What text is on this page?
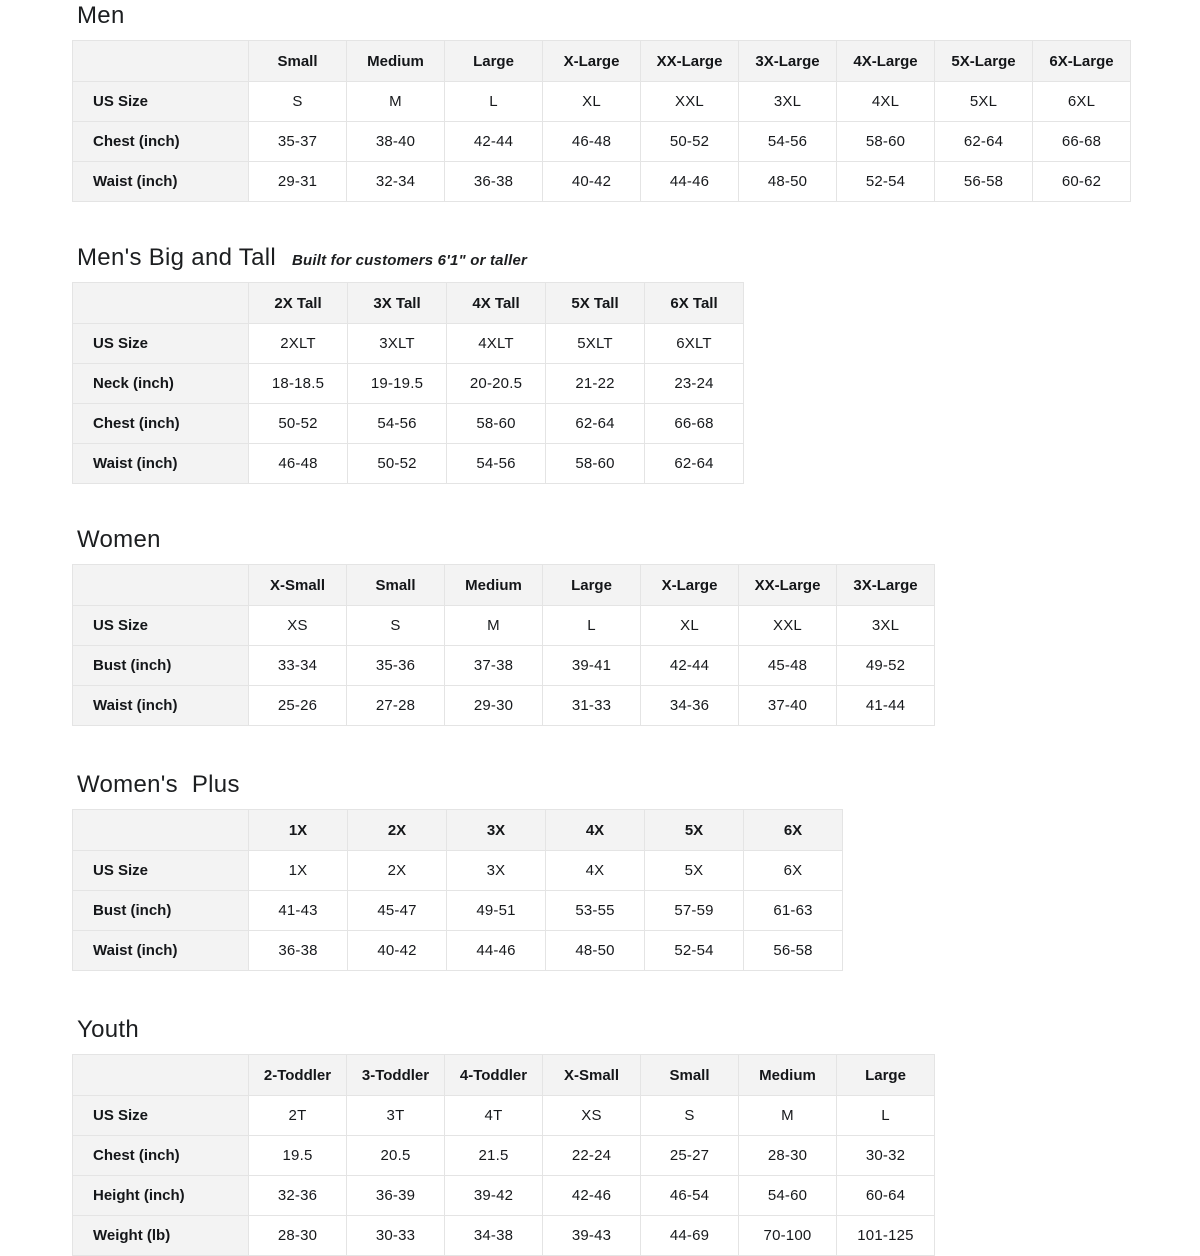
Men
	Small	Medium	Large	X-Large	XX-Large	3X-Large	4X-Large	5X-Large	6X-Large
US Size	S	M	L	XL	XXL	3XL	4XL	5XL	6XL
Chest (inch)	35-37	38-40	42-44	46-48	50-52	54-56	58-60	62-64	66-68
Waist (inch)	29-31	32-34	36-38	40-42	44-46	48-50	52-54	56-58	60-62
Men's Big and Tall Built for customers 6'1" or taller
	2X Tall	3X Tall	4X Tall	5X Tall	6X Tall
US Size	2XLT	3XLT	4XLT	5XLT	6XLT
Neck (inch)	18-18.5	19-19.5	20-20.5	21-22	23-24
Chest (inch)	50-52	54-56	58-60	62-64	66-68
Waist (inch)	46-48	50-52	54-56	58-60	62-64
Women
	X-Small	Small	Medium	Large	X-Large	XX-Large	3X-Large
US Size	XS	S	M	L	XL	XXL	3XL
Bust (inch)	33-34	35-36	37-38	39-41	42-44	45-48	49-52
Waist (inch)	25-26	27-28	29-30	31-33	34-36	37-40	41-44
Women's  Plus
	1X	2X	3X	4X	5X	6X
US Size	1X	2X	3X	4X	5X	6X
Bust (inch)	41-43	45-47	49-51	53-55	57-59	61-63
Waist (inch)	36-38	40-42	44-46	48-50	52-54	56-58
Youth
	2-Toddler	3-Toddler	4-Toddler	X-Small	Small	Medium	Large
US Size	2T	3T	4T	XS	S	M	L
Chest (inch)	19.5	20.5	21.5	22-24	25-27	28-30	30-32
Height (inch)	32-36	36-39	39-42	42-46	46-54	54-60	60-64
Weight (lb)	28-30	30-33	34-38	39-43	44-69	70-100	101-125
